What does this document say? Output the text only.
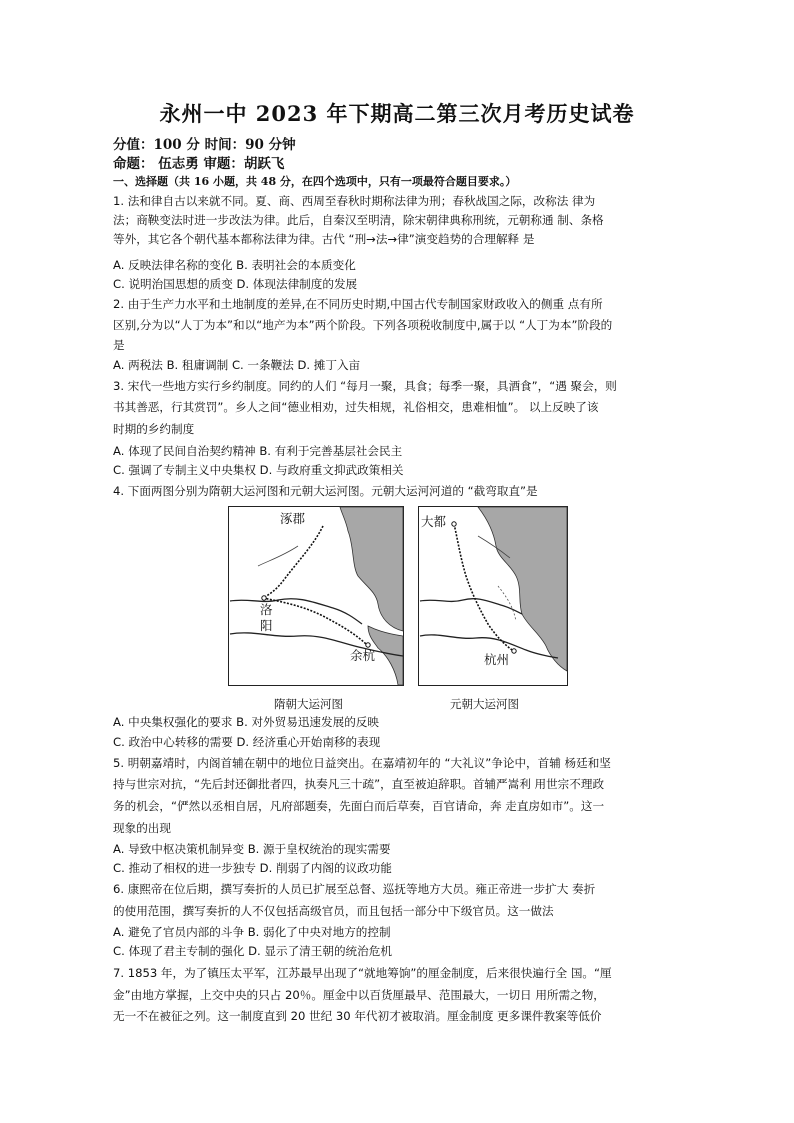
永州一中 2023 年下期高二第三次月考历史试卷
分值：100 分 时间：90 分钟
命题： 伍志勇 审题：胡跃飞
一、选择题（共 16 小题，共 48 分，在四个选项中，只有一项最符合题目要求。）
1. 法和律自古以来就不同。夏、商、西周至春秋时期称法律为刑；春秋战国之际，改称法 律为
法；商鞅变法时进一步改法为律。此后，自秦汉至明清，除宋朝律典称刑统，元朝称通 制、条格
等外，其它各个朝代基本都称法律为律。古代 “刑→法→律”演变趋势的合理解释 是
A. 反映法律名称的变化 B. 表明社会的本质变化
C. 说明治国思想的质变 D. 体现法律制度的发展
2. 由于生产力水平和土地制度的差异,在不同历史时期,中国古代专制国家财政收入的侧重 点有所
区别,分为以“人丁为本”和以“地产为本”两个阶段。下列各项税收制度中,属于以 “人丁为本”阶段的
是
A. 两税法 B. 租庸调制 C. 一条鞭法 D. 摊丁入亩
3. 宋代一些地方实行乡约制度。同约的人们 “每月一聚，具食；每季一聚，具酒食”，“遇 聚会，则
书其善恶，行其赏罚”。乡人之间“德业相劝，过失相规，礼俗相交，患难相恤”。 以上反映了该
时期的乡约制度
A. 体现了民间自治契约精神 B. 有利于完善基层社会民主
C. 强调了专制主义中央集权 D. 与政府重文抑武政策相关
4. 下面两图分别为隋朝大运河图和元朝大运河图。元朝大运河河道的 “截弯取直”是
A. 中央集权强化的要求 B. 对外贸易迅速发展的反映
C. 政治中心转移的需要 D. 经济重心开始南移的表现
5. 明朝嘉靖时，内阁首辅在朝中的地位日益突出。在嘉靖初年的 “大礼议”争论中，首辅 杨廷和坚
持与世宗对抗，“先后封还御批者四，执奏凡三十疏”，直至被迫辞职。首辅严嵩利 用世宗不理政
务的机会，“俨然以丞相自居，凡府部题奏，先面白而后草奏，百官请命，奔 走直房如市”。这一
现象的出现
A. 导致中枢决策机制异变 B. 源于皇权统治的现实需要
C. 推动了相权的进一步独专 D. 削弱了内阁的议政功能
6. 康熙帝在位后期，撰写奏折的人员已扩展至总督、巡抚等地方大员。雍正帝进一步扩大 奏折
的使用范围，撰写奏折的人不仅包括高级官员，而且包括一部分中下级官员。这一做法
A. 避免了官员内部的斗争 B. 弱化了中央对地方的控制
C. 体现了君主专制的强化 D. 显示了清王朝的统治危机
7. 1853 年，为了镇压太平军，江苏最早出现了“就地筹饷”的厘金制度，后来很快遍行全 国。“厘
金”由地方掌握，上交中央的只占 20％。厘金中以百货厘最早、范围最大，一切日 用所需之物，
无一不在被征之列。这一制度直到 20 世纪 30 年代初才被取消。厘金制度 更多课件教案等低价
涿郡
洛
阳
余杭
隋朝大运河图
大都
杭州
元朝大运河图
